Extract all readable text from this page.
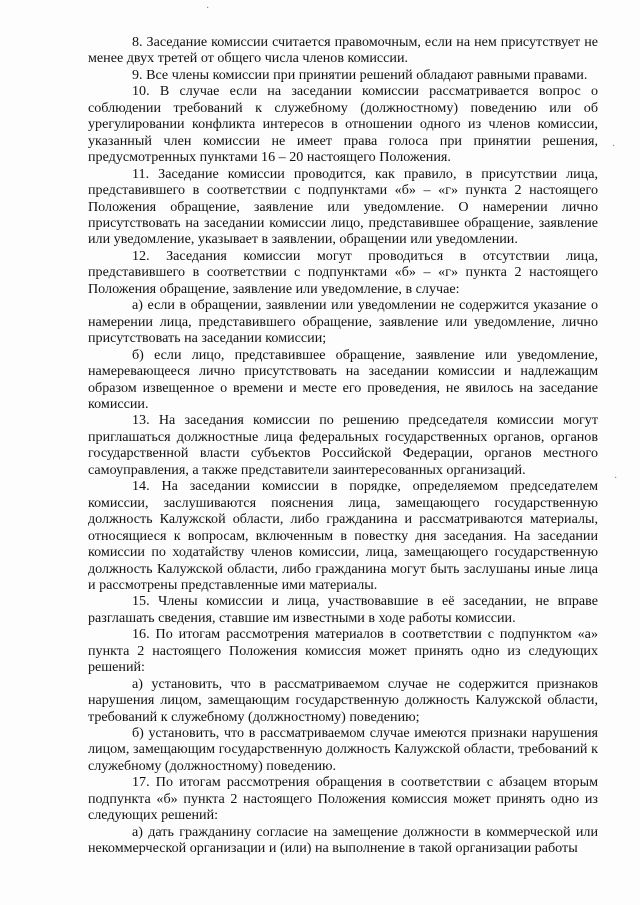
8. Заседание комиссии считается правомочным, если на нем присутствует не менее двух третей от общего числа членов комиссии.

9. Все члены комиссии при принятии решений обладают равными правами.

10. В случае если на заседании комиссии рассматривается вопрос о соблюдении требований к служебному (должностному) поведению или об урегулировании конфликта интересов в отношении одного из членов комиссии, указанный член комиссии не имеет права голоса при принятии решения, предусмотренных пунктами 16 – 20 настоящего Положения.

11. Заседание комиссии проводится, как правило, в присутствии лица, представившего в соответствии с подпунктами «б» – «г» пункта 2 настоящего Положения обращение, заявление или уведомление. О намерении лично присутствовать на заседании комиссии лицо, представившее обращение, заявление или уведомление, указывает в заявлении, обращении или уведомлении.

12. Заседания комиссии могут проводиться в отсутствии лица, представившего в соответствии с подпунктами «б» – «г» пункта 2 настоящего Положения обращение, заявление или уведомление, в случае:

а) если в обращении, заявлении или уведомлении не содержится указание о намерении лица, представившего обращение, заявление или уведомление, лично присутствовать на заседании комиссии;

б) если лицо, представившее обращение, заявление или уведомление, намеревающееся лично присутствовать на заседании комиссии и надлежащим образом извещенное о времени и месте его проведения, не явилось на заседание комиссии.

13. На заседания комиссии по решению председателя комиссии могут приглашаться должностные лица федеральных государственных органов, органов государственной власти субъектов Российской Федерации, органов местного самоуправления, а также представители заинтересованных организаций.

14. На заседании комиссии в порядке, определяемом председателем комиссии, заслушиваются пояснения лица, замещающего государственную должность Калужской области, либо гражданина и рассматриваются материалы, относящиеся к вопросам, включенным в повестку дня заседания. На заседании комиссии по ходатайству членов комиссии, лица, замещающего государственную должность Калужской области, либо гражданина могут быть заслушаны иные лица и рассмотрены представленные ими материалы.

15. Члены комиссии и лица, участвовавшие в её заседании, не вправе разглашать сведения, ставшие им известными в ходе работы комиссии.

16. По итогам рассмотрения материалов в соответствии с подпунктом «а» пункта 2 настоящего Положения комиссия может принять одно из следующих решений:

а) установить, что в рассматриваемом случае не содержится признаков нарушения лицом, замещающим государственную должность Калужской области, требований к служебному (должностному) поведению;

б) установить, что в рассматриваемом случае имеются признаки нарушения лицом, замещающим государственную должность Калужской области, требований к служебному (должностному) поведению.

17. По итогам рассмотрения обращения в соответствии с абзацем вторым подпункта «б» пункта 2 настоящего Положения комиссия может принять одно из следующих решений:

а) дать гражданину согласие на замещение должности в коммерческой или некоммерческой организации и (или) на выполнение в такой организации работы

·
·
·
